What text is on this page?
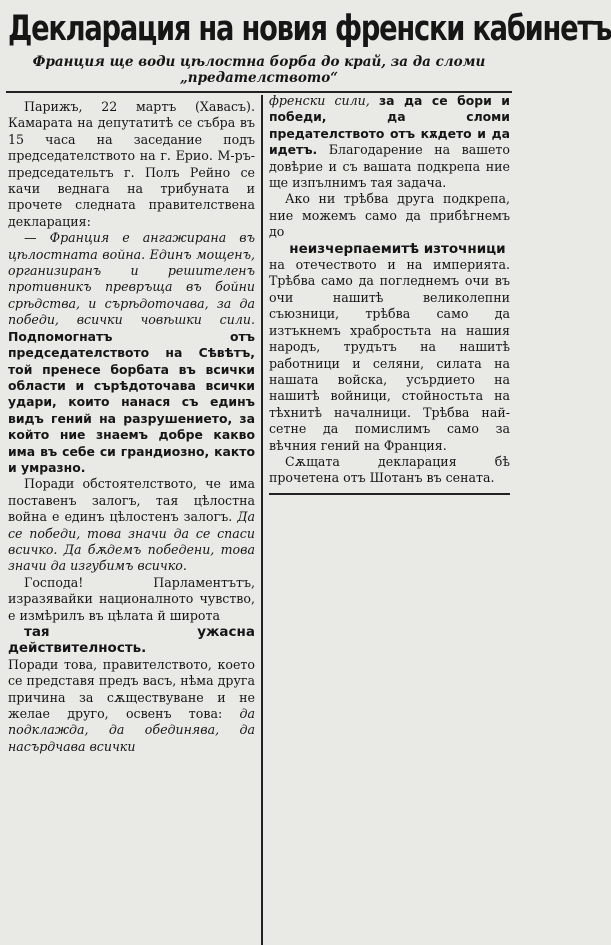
Декларация на новия френски кабинетъ
Франция ще води цѣлостна борба до край, за да сломи „предателството“

Парижъ, 22 мартъ (Хавасъ). Камарата на депутатитѣ се събра въ 15 часа на заседание подъ председателството на г. Ерио. М-ръ-председательтъ г. Полъ Рейно се качи веднага на трибуната и прочете следната правителствена декларация:

— Франция е ангажирана въ цѣлостната война. Единъ мощенъ, организиранъ и решителенъ противникъ превръща въ бойни срѣдства, и сърѣдоточава, за да победи, всички човѣшки сили. Подпомогнатъ отъ председателството на Сѣвѣтъ, той пренесе борбата въ всички области и сърѣдоточава всички удари, които нанася съ единъ видъ гений на разрушението, за който ние знаемъ добре какво има въ себе си грандиозно, както и умразно.

Поради обстоятелството, че има поставенъ залогъ, тая цѣлостна война е единъ цѣлостенъ залогъ. Да се победи, това значи да се спаси всичко. Да бѫдемъ победени, това значи да изгубимъ всичко.

Господа! Парламентътъ, изразявайки националното чувство, е измѣрилъ въ цѣлата й широта

тая ужасна действителность.

Поради това, правителството, което се представя предъ васъ, нѣма друга причина за сѫществуване и не желае друго, освенъ това: да подклажда, да обединява, да насърдчава всички

френски сили, за да се бори и победи, да сломи предателството отъ кѫдето и да идетъ. Благодарение на вашето довѣрие и съ вашата подкрепа ние ще изпълнимъ тая задача.

Ако ни трѣбва друга подкрепа, ние можемъ само да прибѣгнемъ до

неизчерпаемитѣ източници

на отечеството и на империята. Трѣбва само да погледнемъ очи въ очи нашитѣ великолепни съюзници, трѣбва само да изтъкнемъ храбростьта на нашия народъ, трудътъ на нашитѣ работници и селяни, силата на нашата войска, усърдието на нашитѣ войници, стойностьта на тѣхнитѣ началници. Трѣбва най-сетне да помислимъ само за вѣчния гений на Франция.

Сѫщата декларация бѣ прочетена отъ Шотанъ въ сената.
